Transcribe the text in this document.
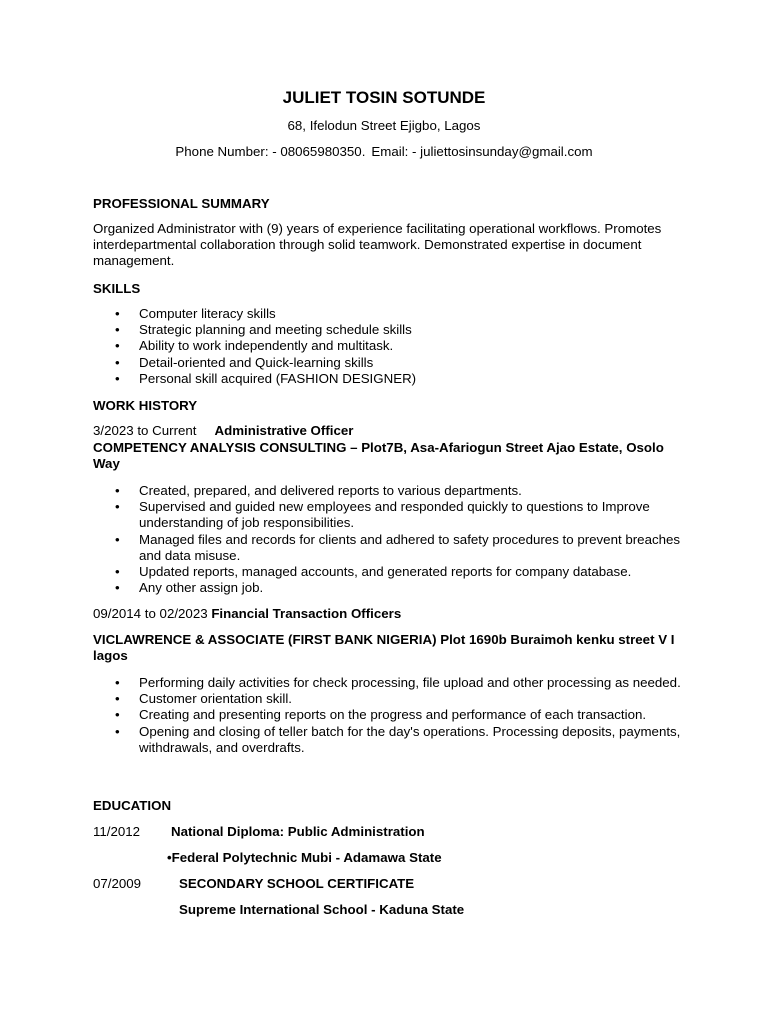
JULIET TOSIN SOTUNDE
68, Ifelodun Street Ejigbo, Lagos
Phone Number: - 08065980350. Email: - juliettosinsunday@gmail.com
PROFESSIONAL SUMMARY
Organized Administrator with (9) years of experience facilitating operational workflows. Promotes interdepartmental collaboration through solid teamwork. Demonstrated expertise in document management.
SKILLS
• Computer literacy skills
• Strategic planning and meeting schedule skills
• Ability to work independently and multitask.
• Detail-oriented and Quick-learning skills
• Personal skill acquired (FASHION DESIGNER)
WORK HISTORY
3/2023 to Current Administrative Officer
COMPETENCY ANALYSIS CONSULTING – Plot7B, Asa-Afariogun Street Ajao Estate, Osolo Way
• Created, prepared, and delivered reports to various departments.
• Supervised and guided new employees and responded quickly to questions to Improve understanding of job responsibilities.
• Managed files and records for clients and adhered to safety procedures to prevent breaches and data misuse.
• Updated reports, managed accounts, and generated reports for company database.
• Any other assign job.
09/2014 to 02/2023 Financial Transaction Officers
VICLAWRENCE & ASSOCIATE (FIRST BANK NIGERIA) Plot 1690b Buraimoh kenku street V I lagos
• Performing daily activities for check processing, file upload and other processing as needed.
• Customer orientation skill.
• Creating and presenting reports on the progress and performance of each transaction.
• Opening and closing of teller batch for the day's operations. Processing deposits, payments, withdrawals, and overdrafts.
EDUCATION
11/2012 National Diploma: Public Administration
•Federal Polytechnic Mubi - Adamawa State
07/2009	SECONDARY SCHOOL CERTIFICATE
Supreme International School - Kaduna State
